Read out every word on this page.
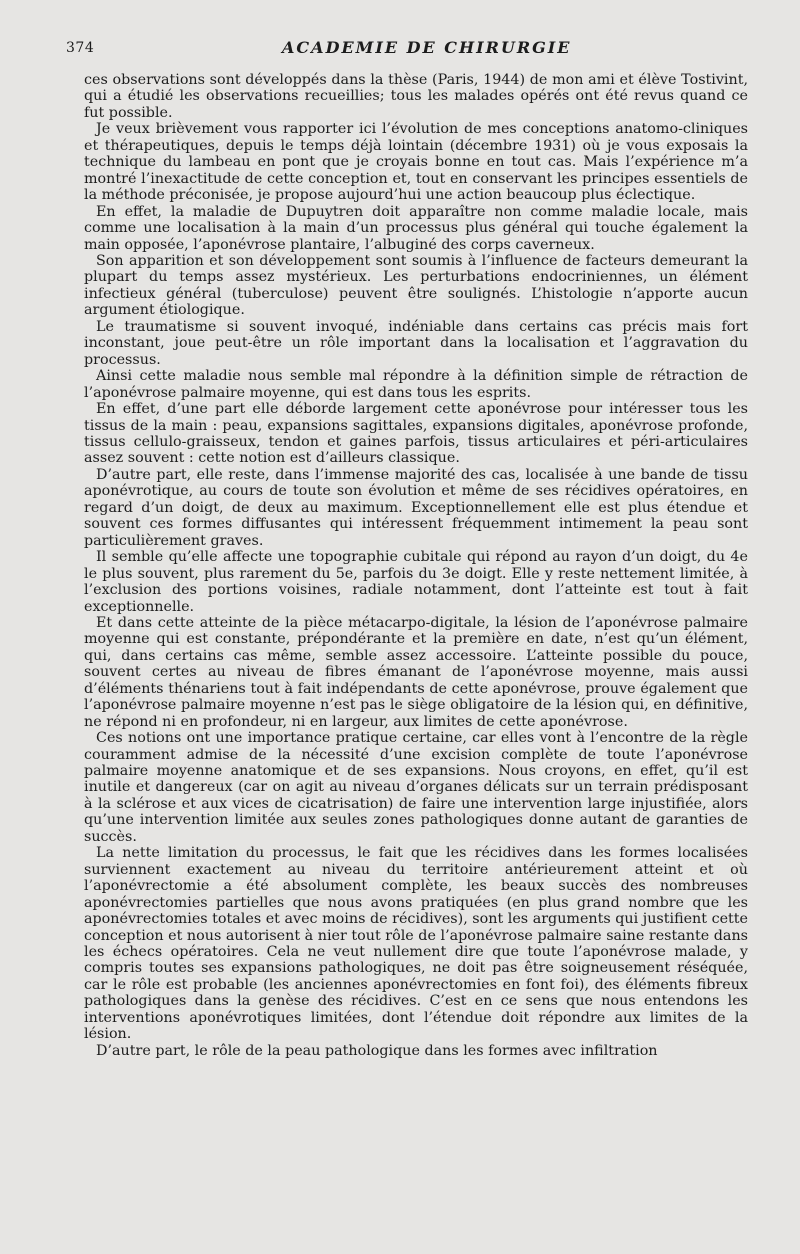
374	ACADEMIE DE CHIRURGIE

ces observations sont développés dans la thèse (Paris, 1944) de mon ami et élève Tostivint, qui a étudié les observations recueillies; tous les malades opérés ont été revus quand ce fut possible.

Je veux brièvement vous rapporter ici l’évolution de mes conceptions anatomo-cliniques et thérapeutiques, depuis le temps déjà lointain (décembre 1931) où je vous exposais la technique du lambeau en pont que je croyais bonne en tout cas. Mais l’expérience m’a montré l’inexactitude de cette conception et, tout en conservant les principes essentiels de la méthode préconisée, je propose aujourd’hui une action beaucoup plus éclectique.

En effet, la maladie de Dupuytren doit apparaître non comme maladie locale, mais comme une localisation à la main d’un processus plus général qui touche également la main opposée, l’aponévrose plantaire, l’albuginé des corps caverneux.

Son apparition et son développement sont soumis à l’influence de facteurs demeurant la plupart du temps assez mystérieux. Les perturbations endocriniennes, un élément infectieux général (tuberculose) peuvent être soulignés. L’histologie n’apporte aucun argument étiologique.

Le traumatisme si souvent invoqué, indéniable dans certains cas précis mais fort inconstant, joue peut-être un rôle important dans la localisation et l’aggravation du processus.

Ainsi cette maladie nous semble mal répondre à la définition simple de rétraction de l’aponévrose palmaire moyenne, qui est dans tous les esprits.

En effet, d’une part elle déborde largement cette aponévrose pour intéresser tous les tissus de la main : peau, expansions sagittales, expansions digitales, aponévrose profonde, tissus cellulo-graisseux, tendon et gaines parfois, tissus articulaires et péri-articulaires assez souvent : cette notion est d’ailleurs classique.

D’autre part, elle reste, dans l’immense majorité des cas, localisée à une bande de tissu aponévrotique, au cours de toute son évolution et même de ses récidives opératoires, en regard d’un doigt, de deux au maximum. Exceptionnellement elle est plus étendue et souvent ces formes diffusantes qui intéressent fréquemment intimement la peau sont particulièrement graves.

Il semble qu’elle affecte une topographie cubitale qui répond au rayon d’un doigt, du 4e le plus souvent, plus rarement du 5e, parfois du 3e doigt. Elle y reste nettement limitée, à l’exclusion des portions voisines, radiale notamment, dont l’atteinte est tout à fait exceptionnelle.

Et dans cette atteinte de la pièce métacarpo-digitale, la lésion de l’aponévrose palmaire moyenne qui est constante, prépondérante et la première en date, n’est qu’un élément, qui, dans certains cas même, semble assez accessoire. L’atteinte possible du pouce, souvent certes au niveau de fibres émanant de l’aponévrose moyenne, mais aussi d’éléments thénariens tout à fait indépendants de cette aponévrose, prouve également que l’aponévrose palmaire moyenne n’est pas le siège obligatoire de la lésion qui, en définitive, ne répond ni en profondeur, ni en largeur, aux limites de cette aponévrose.

Ces notions ont une importance pratique certaine, car elles vont à l’encontre de la règle couramment admise de la nécessité d’une excision complète de toute l’aponévrose palmaire moyenne anatomique et de ses expansions. Nous croyons, en effet, qu’il est inutile et dangereux (car on agit au niveau d’organes délicats sur un terrain prédisposant à la sclérose et aux vices de cicatrisation) de faire une intervention large injustifiée, alors qu’une intervention limitée aux seules zones pathologiques donne autant de garanties de succès.

La nette limitation du processus, le fait que les récidives dans les formes localisées surviennent exactement au niveau du territoire antérieurement atteint et où l’aponévrectomie a été absolument complète, les beaux succès des nombreuses aponévrectomies partielles que nous avons pratiquées (en plus grand nombre que les aponévrectomies totales et avec moins de récidives), sont les arguments qui justifient cette conception et nous autorisent à nier tout rôle de l’aponévrose palmaire saine restante dans les échecs opératoires. Cela ne veut nullement dire que toute l’aponévrose malade, y compris toutes ses expansions pathologiques, ne doit pas être soigneusement réséquée, car le rôle est probable (les anciennes aponévrectomies en font foi), des éléments fibreux pathologiques dans la genèse des récidives. C’est en ce sens que nous entendons les interventions aponévrotiques limitées, dont l’étendue doit répondre aux limites de la lésion.

D’autre part, le rôle de la peau pathologique dans les formes avec infiltration
